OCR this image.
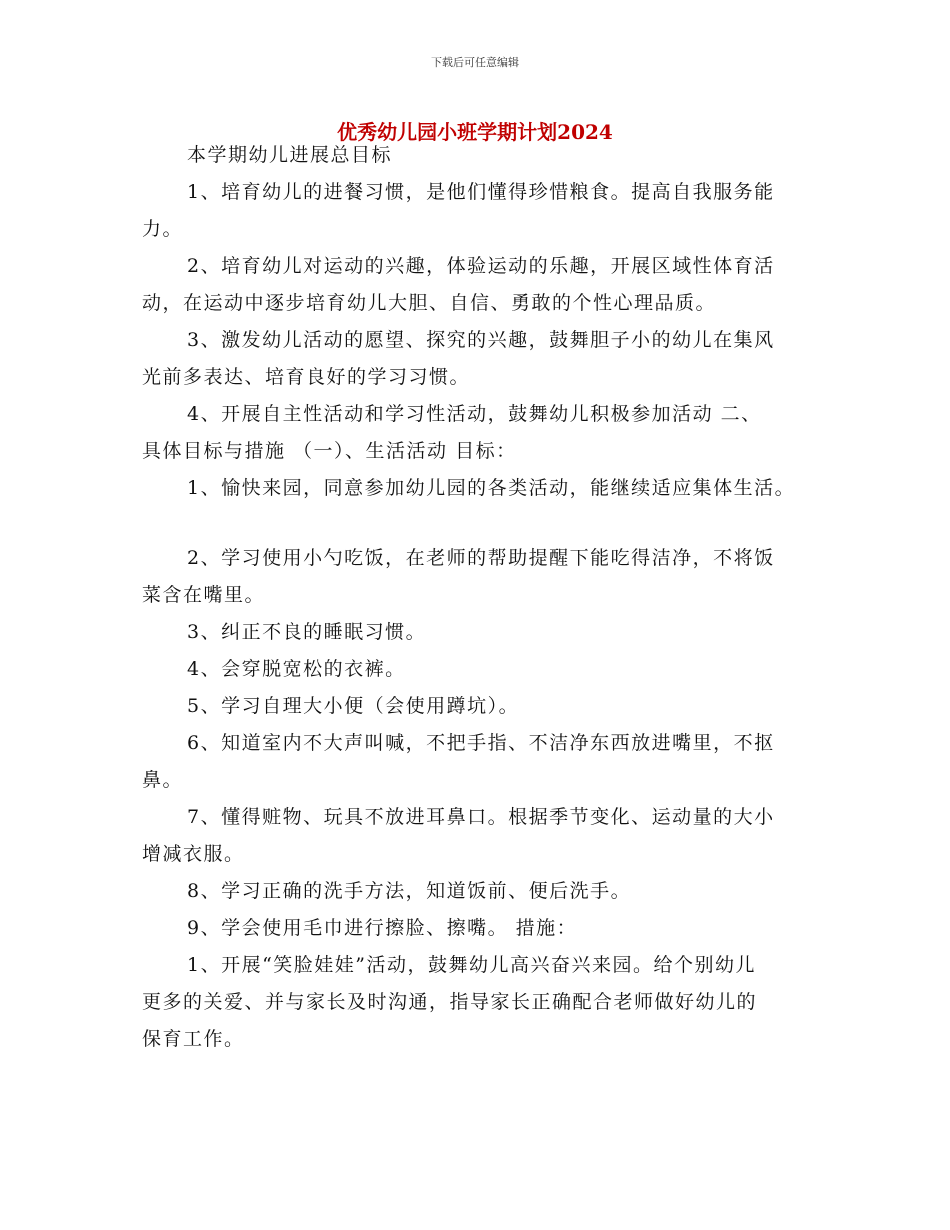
下载后可任意编辑
优秀幼儿园小班学期计划2024
本学期幼儿进展总目标
1、培育幼儿的进餐习惯，是他们懂得珍惜粮食。提高自我服务能
力。
2、培育幼儿对运动的兴趣，体验运动的乐趣，开展区域性体育活
动，在运动中逐步培育幼儿大胆、自信、勇敢的个性心理品质。
3、激发幼儿活动的愿望、探究的兴趣，鼓舞胆子小的幼儿在集风
光前多表达、培育良好的学习习惯。
4、开展自主性活动和学习性活动，鼓舞幼儿积极参加活动 二、
具体目标与措施 （一）、生活活动 目标：
1、愉快来园，同意参加幼儿园的各类活动，能继续适应集体生活。
2、学习使用小勺吃饭，在老师的帮助提醒下能吃得洁净，不将饭
菜含在嘴里。
3、纠正不良的睡眠习惯。
4、会穿脱宽松的衣裤。
5、学习自理大小便（会使用蹲坑）。
6、知道室内不大声叫喊，不把手指、不洁净东西放进嘴里，不抠
鼻。
7、懂得赃物、玩具不放进耳鼻口。根据季节变化、运动量的大小
增减衣服。
8、学习正确的洗手方法，知道饭前、便后洗手。
9、学会使用毛巾进行擦脸、擦嘴。 措施：
1、开展“笑脸娃娃”活动，鼓舞幼儿高兴奋兴来园。给个别幼儿
更多的关爱、并与家长及时沟通，指导家长正确配合老师做好幼儿的
保育工作。
